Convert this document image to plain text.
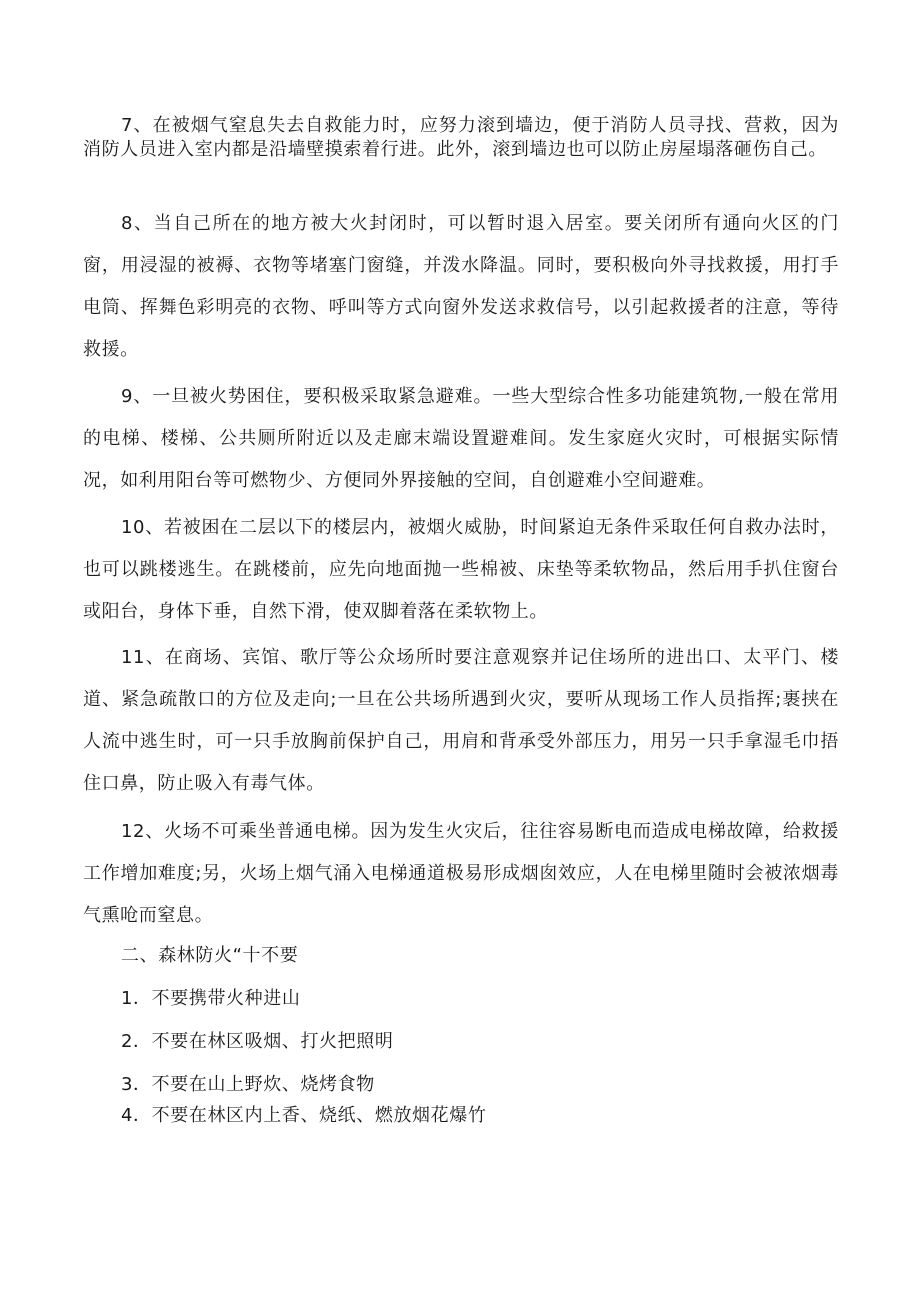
7、在被烟气窒息失去自救能力时，应努力滚到墙边，便于消防人员寻找、营救，因为消防人员进入室内都是沿墙壁摸索着行进。此外，滚到墙边也可以防止房屋塌落砸伤自己。

8、当自己所在的地方被大火封闭时，可以暂时退入居室。要关闭所有通向火区的门窗，用浸湿的被褥、衣物等堵塞门窗缝，并泼水降温。同时，要积极向外寻找救援，用打手电筒、挥舞色彩明亮的衣物、呼叫等方式向窗外发送求救信号，以引起救援者的注意，等待救援。

9、一旦被火势困住，要积极采取紧急避难。一些大型综合性多功能建筑物,一般在常用的电梯、楼梯、公共厕所附近以及走廊末端设置避难间。发生家庭火灾时，可根据实际情况，如利用阳台等可燃物少、方便同外界接触的空间，自创避难小空间避难。

10、若被困在二层以下的楼层内，被烟火威胁，时间紧迫无条件采取任何自救办法时，也可以跳楼逃生。在跳楼前，应先向地面抛一些棉被、床垫等柔软物品，然后用手扒住窗台或阳台，身体下垂，自然下滑，使双脚着落在柔软物上。

11、在商场、宾馆、歌厅等公众场所时要注意观察并记住场所的进出口、太平门、楼道、紧急疏散口的方位及走向;一旦在公共场所遇到火灾，要听从现场工作人员指挥;裹挟在人流中逃生时，可一只手放胸前保护自己，用肩和背承受外部压力，用另一只手拿湿毛巾捂住口鼻，防止吸入有毒气体。

12、火场不可乘坐普通电梯。因为发生火灾后，往往容易断电而造成电梯故障，给救援工作增加难度;另，火场上烟气涌入电梯通道极易形成烟囱效应，人在电梯里随时会被浓烟毒气熏呛而窒息。

二、森林防火“十不要

1．不要携带火种进山

2．不要在林区吸烟、打火把照明

3．不要在山上野炊、烧烤食物

4．不要在林区内上香、烧纸、燃放烟花爆竹
